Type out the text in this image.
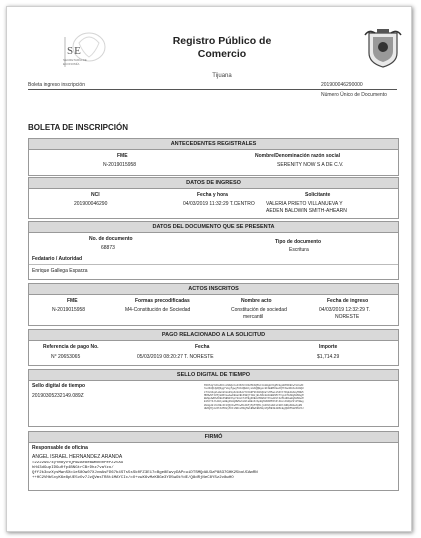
SE
SECRETARÍA DE ECONOMÍA
Registro Público de
Comercio
Tijuana
Boleta ingreso inscripción	201900046290000
Número Único de Documento
BOLETA DE INSCRIPCIÓN
ANTECEDENTES REGISTRALES
FME
N-2019015958
Nombre/Denominación razón social
SERENITY NOW S A DE C.V.
DATOS DE INGRESO
NCI
201900046290
Fecha y hora
04/03/2019 11:32:29 T.CENTRO
Solicitante
VALERIA PRIETO VILLANUEVA Y
AEDEN BALDWIN SMITH-AHEARN
DATOS DEL DOCUMENTO QUE SE PRESENTA
No. de documento
68873
Tipo de documento
Escritura
Fedatario / Autoridad
Enrique Gallega Esparza
ACTOS INSCRITOS
FME
N-2019015958
Formas precodificadas
M4-Constitución de Sociedad
Nombre acto
Constitución de sociedad
mercantil
Fecha de ingreso
04/03/2019 12:32:29 T.
NORESTE
PAGO RELACIONADO A LA SOLICITUD
Referencia de pago No.
N° 20653065
Fecha
05/03/2019 08:20:27 T. NORESTE
Importe
$1,714.29
SELLO DIGITAL DE TIEMPO
Sello digital de tiempo
20190305232149.089Z
MIIPdgYJKoZIhvcNAQcCoIIPZzCCD2MCAQMxCzAJBgUrDgMCGgUAMIIBCwYLKoZI
hvcNAQkQAQSggfsEgfgwgfUCAQEGCysGAQQBgoc8FAEBMCEwCQYFKw4DAhoFAAQU
kT3x9Fq2LmWv8hUeR1pZc0A6dJYCFGRf0hN2bQ0aYxM5wLkS3Vt7PqE4GA8yMDE5
MDMwNTIzMjE0OVowAwIBAaCBkKSBjTCBijELMAkGA1UEBhMCTVgxGTAXBgNVBAgM
EENpdWRhZCBkZSBNZXhpY28xFTATBgNVBAcMDEN1YXVodGVtb2MxHDAaBgNVBAoM
E1NlY3JldGFyaWEgZGUgRWNvbm9taWExKzApBgNVBAMMIlNlbGxvIGRpZ2l0YWwg
ZGUgdGllbXBvIFJQQzIwMTkwMzA1MjMyMTQ5LjA4OVpdGFsIGRlIHRpZW1wbyBS
UEMgMjAxOTAzMDUyMzIxNDkuMDg5WiBNWCBUSUpVQU5BIEJBSkEgQ0FMSUZPUk5J
FIRMÓ
Responsable de oficina
ANGEL ISRAEL HERNANDEZ ARANDA
=22229674yYm8yvYQPWZAe8eBwmOb0PePZ2tAu
hH43dGupIDGu0fp4BNGtrCBrDhz7vaYzo/
Qff2k3ozXysMwnSXc1e58Ow07XJvmAsFD67b4STs5sSk0FZ3E17cBge8EwvyDAPcuiDTSMQdAU3zP8837GHK25boUCAmRN
++HC2VHb5xyK6e8pUE5vOv7JzQVmsTR8t1MAYCIc/cO+vwX6vMzKBGe3YD5wOkYdE/Q8dRjNeC8YSz2v8wHO
